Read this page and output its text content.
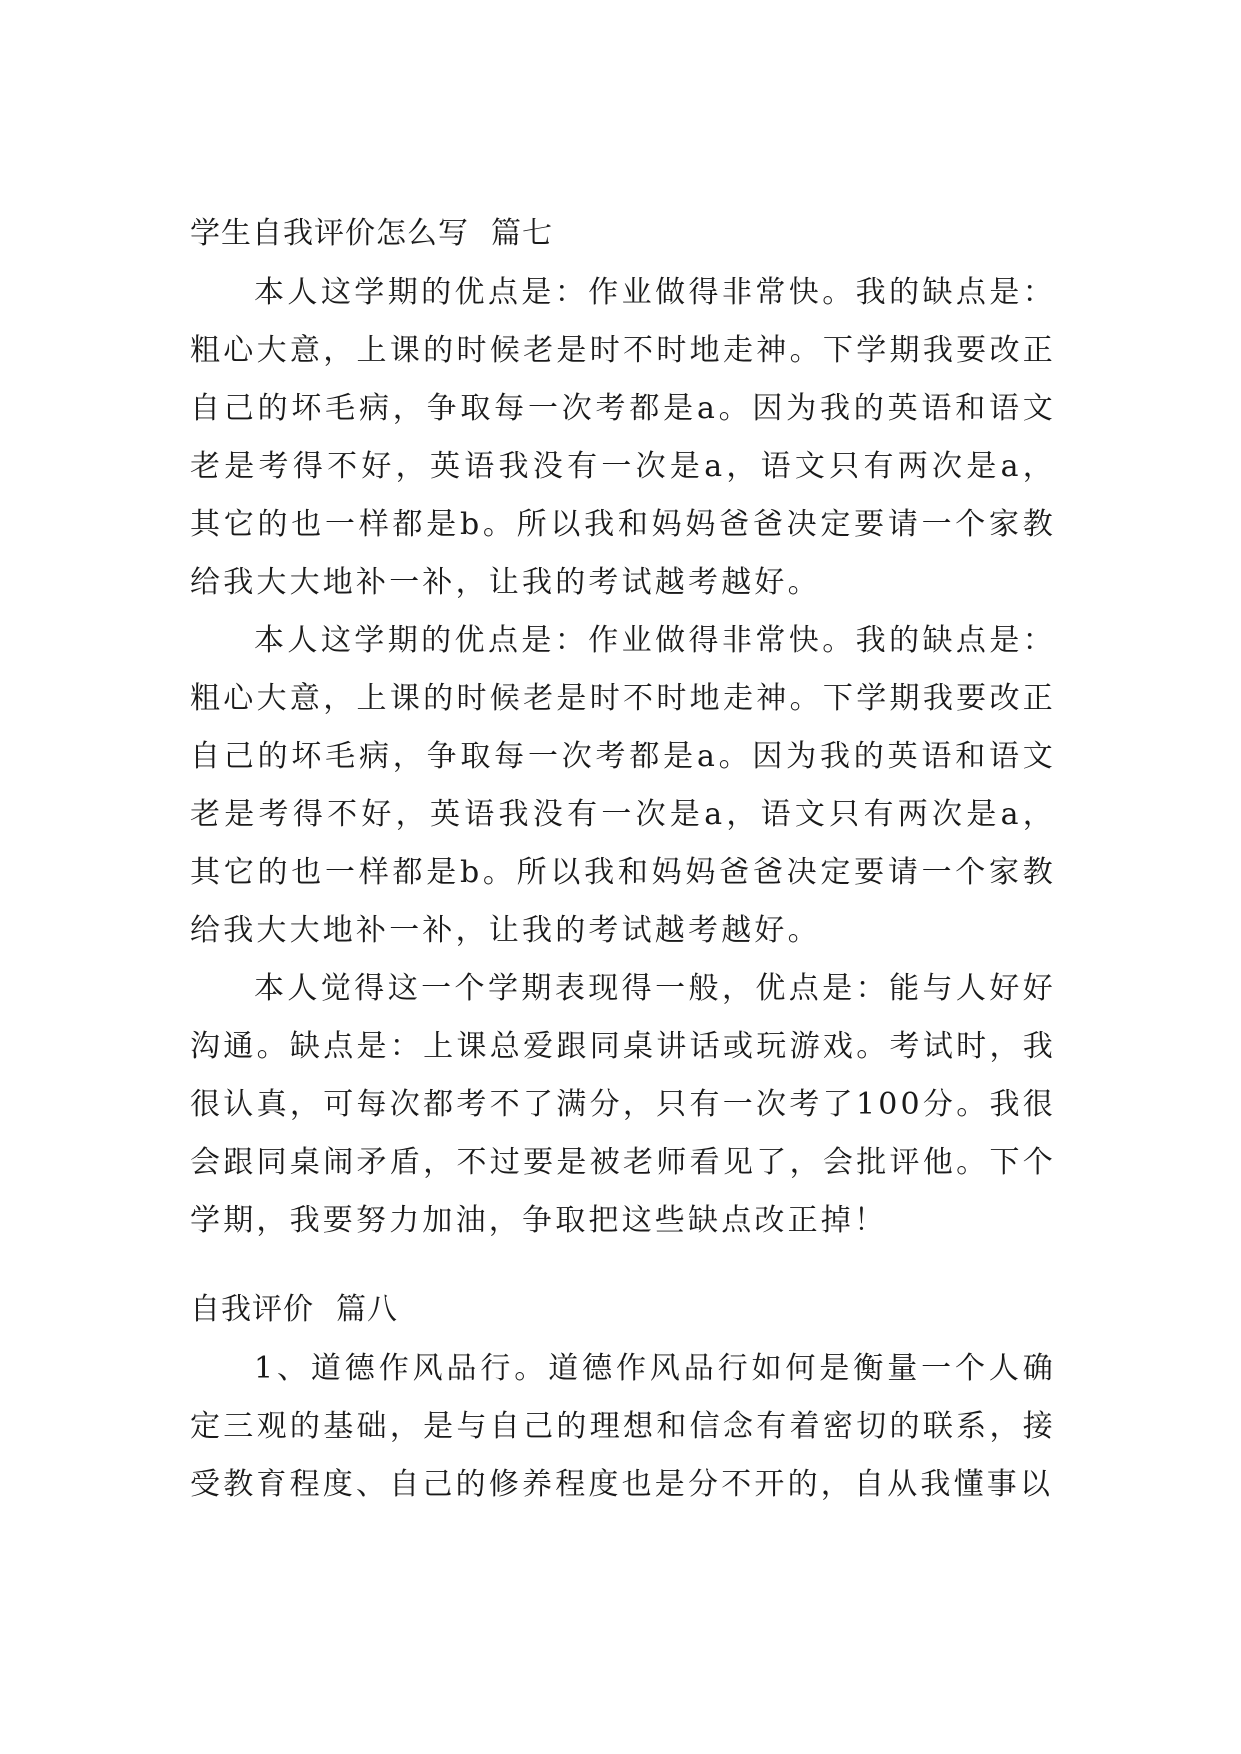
学生自我评价怎么写 篇七

本人这学期的优点是：作业做得非常快。我的缺点是：粗心大意，上课的时候老是时不时地走神。下学期我要改正自己的坏毛病，争取每一次考都是a。因为我的英语和语文老是考得不好，英语我没有一次是a，语文只有两次是a，其它的也一样都是b。所以我和妈妈爸爸决定要请一个家教给我大大地补一补，让我的考试越考越好。

本人这学期的优点是：作业做得非常快。我的缺点是：粗心大意，上课的时候老是时不时地走神。下学期我要改正自己的坏毛病，争取每一次考都是a。因为我的英语和语文老是考得不好，英语我没有一次是a，语文只有两次是a，其它的也一样都是b。所以我和妈妈爸爸决定要请一个家教给我大大地补一补，让我的考试越考越好。

本人觉得这一个学期表现得一般，优点是：能与人好好沟通。缺点是：上课总爱跟同桌讲话或玩游戏。考试时，我很认真，可每次都考不了满分，只有一次考了100分。我很会跟同桌闹矛盾，不过要是被老师看见了，会批评他。下个学期，我要努力加油，争取把这些缺点改正掉！

自我评价 篇八

1、道德作风品行。道德作风品行如何是衡量一个人确定三观的基础，是与自己的理想和信念有着密切的联系，接受教育程度、自己的修养程度也是分不开的，自从我懂事以
